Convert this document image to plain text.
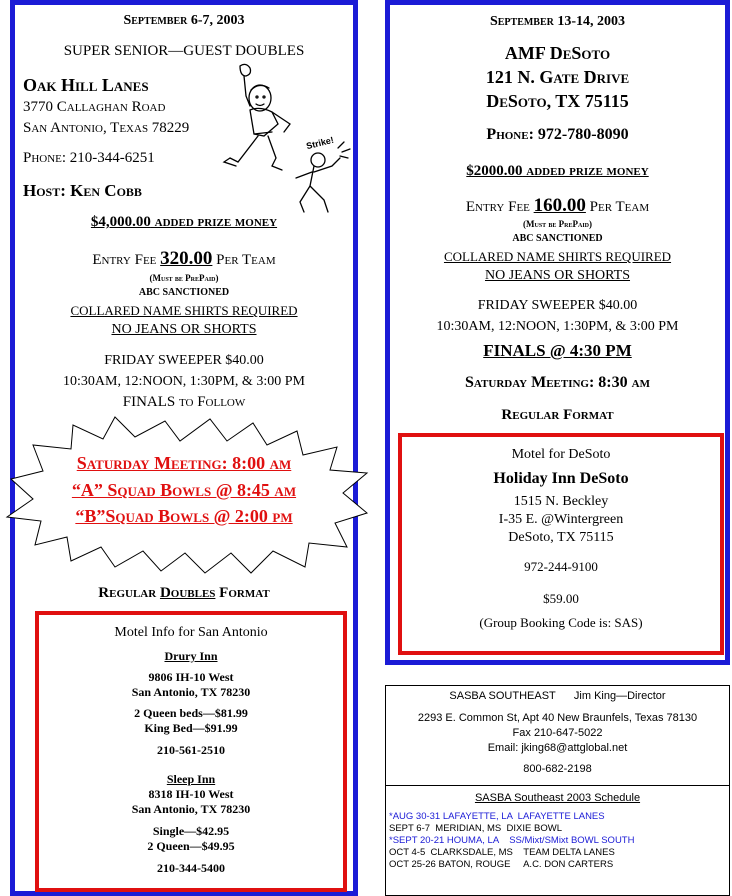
September 6-7, 2003
SUPER SENIOR—GUEST DOUBLES
Oak Hill Lanes
3770 Callaghan Road
San Antonio, Texas 78229
Phone: 210-344-6251
Host: Ken Cobb
$4,000.00 added prize money
Entry Fee 320.00 Per Team
(Must be PrePaid)
ABC SANCTIONED
COLLARED NAME SHIRTS REQUIRED
NO JEANS OR SHORTS
FRIDAY SWEEPER $40.00
10:30AM, 12:NOON, 1:30PM, & 3:00 PM
FINALS to Follow
Saturday Meeting: 8:00 am
“A” Squad Bowls @ 8:45 am
“B”Squad Bowls @ 2:00 pm
Regular Doubles Format
Motel Info for San Antonio
Drury Inn
9806 IH-10 West
San Antonio, TX 78230
2 Queen beds—$81.99
King Bed—$91.99
210-561-2510
Sleep Inn
8318 IH-10 West
San Antonio, TX 78230
Single—$42.95
2 Queen—$49.95
210-344-5400
Strike!
September 13-14, 2003
AMF DeSoto
121 N. Gate Drive
DeSoto, TX 75115
Phone: 972-780-8090
$2000.00 added prize money
Entry Fee 160.00 Per Team
(Must be PrePaid)
ABC SANCTIONED
COLLARED NAME SHIRTS REQUIRED
NO JEANS OR SHORTS
FRIDAY SWEEPER $40.00
10:30AM, 12:NOON, 1:30PM, & 3:00 PM
FINALS @ 4:30 PM
Saturday Meeting: 8:30 am
Regular Format
Motel for DeSoto
Holiday Inn DeSoto
1515 N. Beckley
I-35 E. @Wintergreen
DeSoto, TX 75115
972-244-9100
$59.00
(Group Booking Code is: SAS)
SASBA SOUTHEAST      Jim King—Director
2293 E. Common St, Apt 40 New Braunfels, Texas 78130
Fax 210-647-5022
Email: jking68@attglobal.net
800-682-2198
SASBA Southeast 2003 Schedule
*AUG 30-31 LAFAYETTE, LA  LAFAYETTE LANES
SEPT 6-7  MERIDIAN, MS  DIXIE BOWL
*SEPT 20-21 HOUMA, LA    SS/Mixt/SMixt BOWL SOUTH
OCT 4-5  CLARKSDALE, MS    TEAM DELTA LANES
OCT 25-26 BATON, ROUGE     A.C. DON CARTERS
